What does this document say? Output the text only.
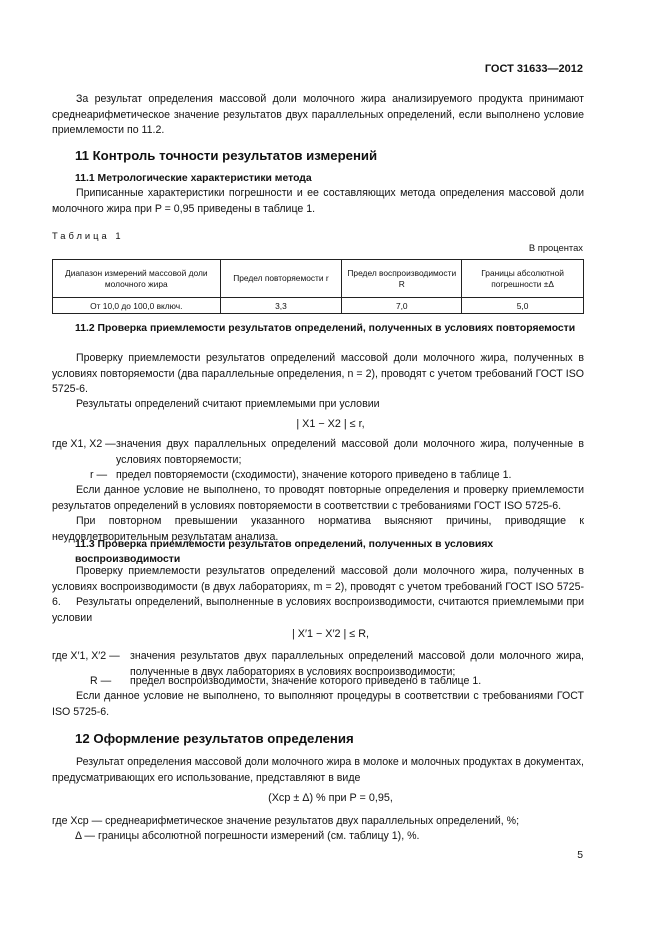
ГОСТ 31633—2012
За результат определения массовой доли молочного жира анализируемого продукта принимают среднеарифметическое значение результатов двух параллельных определений, если выполнено условие приемлемости по 11.2.
11 Контроль точности результатов измерений
11.1 Метрологические характеристики метода
Приписанные характеристики погрешности и ее составляющих метода определения массовой доли молочного жира при P = 0,95 приведены в таблице 1.
Таблица 1
В процентах
Диапазон измерений массовой доли молочного жира	Предел повторяемости r	Предел воспроизводимости R	Границы абсолютной погрешности ±Δ
От 10,0 до 100,0 включ.	3,3	7,0	5,0
11.2 Проверка приемлемости результатов определений, полученных в условиях повторяемости
Проверку приемлемости результатов определений массовой доли молочного жира, полученных в условиях повторяемости (два параллельные определения, n = 2), проводят с учетом требований ГОСТ ISO 5725-6.
Результаты определений считают приемлемыми при условии
| X1 − X2 | ≤ r,
где X1, X2 — значения двух параллельных определений массовой доли молочного жира, полученные в условиях повторяемости;
r — предел повторяемости (сходимости), значение которого приведено в таблице 1.
Если данное условие не выполнено, то проводят повторные определения и проверку приемлемости результатов определений в условиях повторяемости в соответствии с требованиями ГОСТ ISO 5725-6.
При повторном превышении указанного норматива выясняют причины, приводящие к неудовлетворительным результатам анализа.
11.3 Проверка приемлемости результатов определений, полученных в условиях воспроизводимости
Проверку приемлемости результатов определений массовой доли молочного жира, полученных в условиях воспроизводимости (в двух лабораториях, m = 2), проводят с учетом требований ГОСТ ISO 5725-6.	Результаты определений, выполненные в условиях воспроизводимости, считаются приемлемыми при условии
| X′1 − X′2 | ≤ R,
где X′1, X′2 — значения результатов двух параллельных определений массовой доли молочного жира, полученные в двух лабораториях в условиях воспроизводимости;
R —	предел воспроизводимости, значение которого приведено в таблице 1.
Если данное условие не выполнено, то выполняют процедуры в соответствии с требованиями ГОСТ ISO 5725-6.
12 Оформление результатов определения
Результат определения массовой доли молочного жира в молоке и молочных продуктах в документах, предусматривающих его использование, представляют в виде
(Xср ± Δ) % при P = 0,95,
где Xср — среднеарифметическое значение результатов двух параллельных определений, %;
Δ — границы абсолютной погрешности измерений (см. таблицу 1), %.
5
